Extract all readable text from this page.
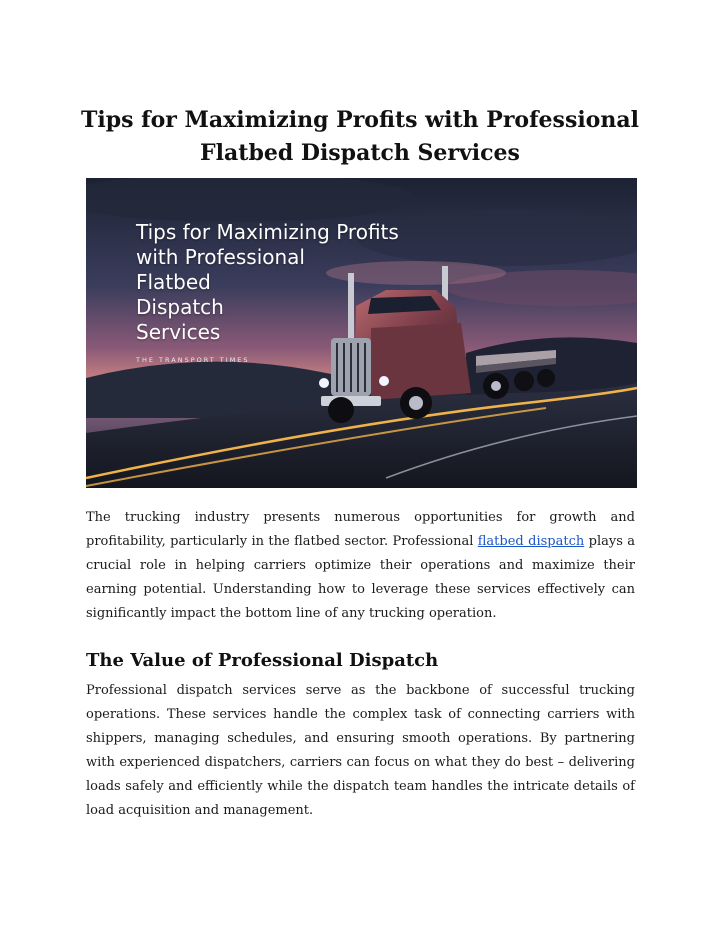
Tips for Maximizing Profits with Professional Flatbed Dispatch Services
Tips for Maximizing Profits
with Professional
Flatbed
Dispatch
Services
THE TRANSPORT TIMES

The trucking industry presents numerous opportunities for growth and profitability, particularly in the flatbed sector. Professional flatbed dispatch plays a crucial role in helping carriers optimize their operations and maximize their earning potential. Understanding how to leverage these services effectively can significantly impact the bottom line of any trucking operation.

The Value of Professional Dispatch

Professional dispatch services serve as the backbone of successful trucking operations. These services handle the complex task of connecting carriers with shippers, managing schedules, and ensuring smooth operations. By partnering with experienced dispatchers, carriers can focus on what they do best – delivering loads safely and efficiently while the dispatch team handles the intricate details of load acquisition and management.
